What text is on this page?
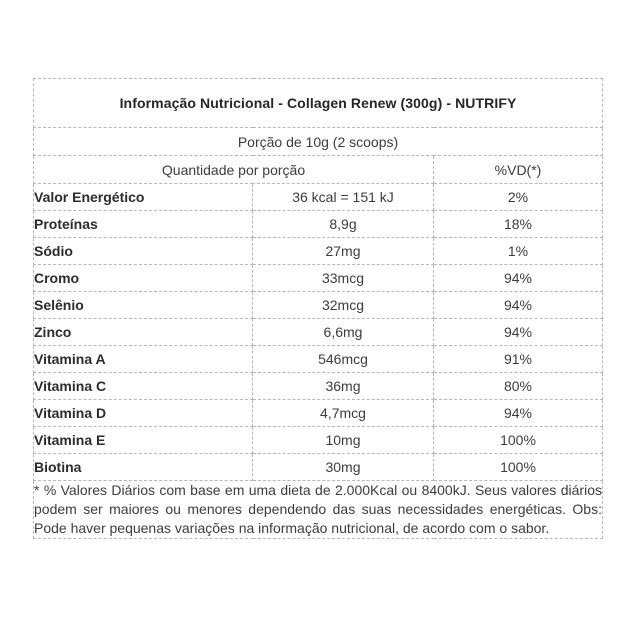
Informação Nutricional - Collagen Renew (300g) - NUTRIFY		
Porção de 10g (2 scoops)		
Quantidade por porção		%VD(*)
Valor Energético	36 kcal = 151 kJ	2%
Proteínas	8,9g	18%
Sódio	27mg	1%
Cromo	33mcg	94%
Selênio	32mcg	94%
Zinco	6,6mg	94%
Vitamina A	546mcg	91%
Vitamina C	36mg	80%
Vitamina D	4,7mcg	94%
Vitamina E	10mg	100%
Biotina	30mg	100%
* % Valores Diários com base em uma dieta de 2.000Kcal ou 8400kJ. Seus valores diários podem ser maiores ou menores dependendo das suas necessidades energéticas. Obs: Pode haver pequenas variações na informação nutricional, de acordo com o sabor.		
